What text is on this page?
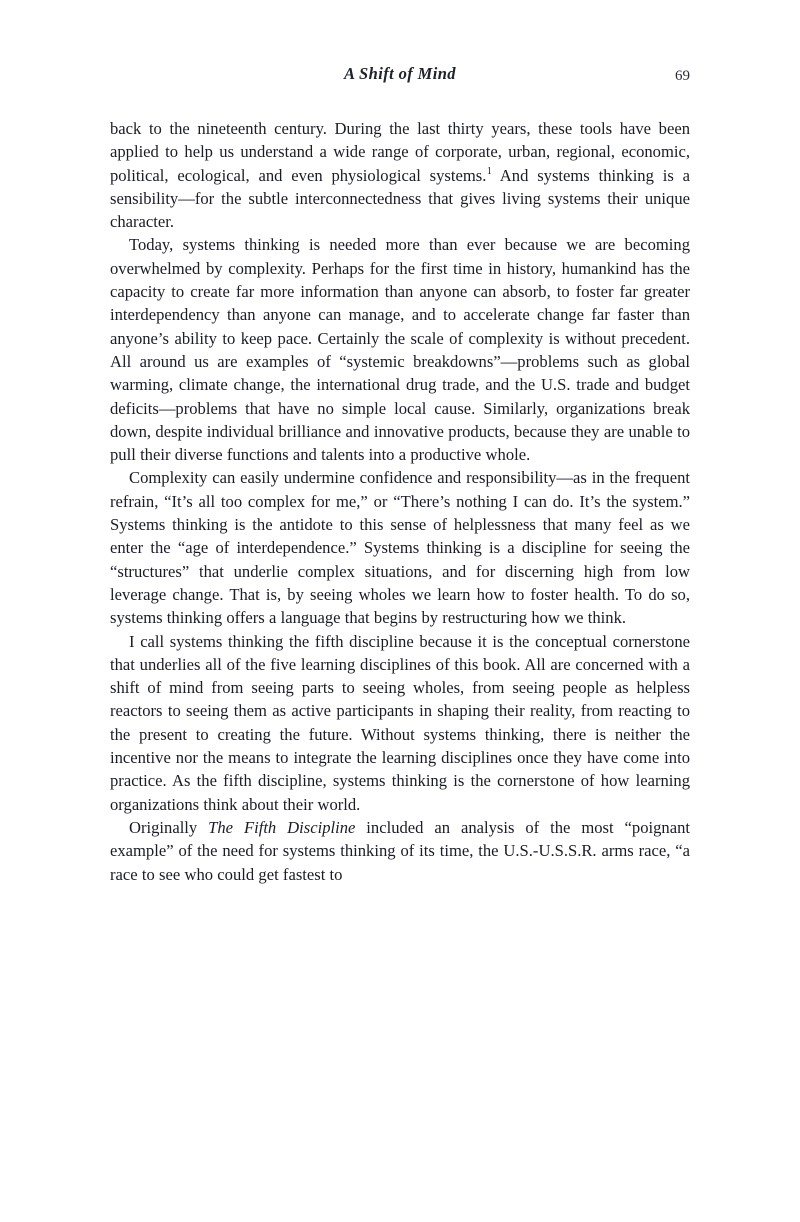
A Shift of Mind	69

back to the nineteenth century. During the last thirty years, these tools have been applied to help us understand a wide range of corporate, urban, regional, economic, political, ecological, and even physiological systems.$^1$ And systems thinking is a sensibility—for the subtle interconnectedness that gives living systems their unique character.

Today, systems thinking is needed more than ever because we are becoming overwhelmed by complexity. Perhaps for the first time in history, humankind has the capacity to create far more information than anyone can absorb, to foster far greater interdependency than anyone can manage, and to accelerate change far faster than anyone’s ability to keep pace. Certainly the scale of complexity is without precedent. All around us are examples of “systemic breakdowns”—problems such as global warming, climate change, the international drug trade, and the U.S. trade and budget deficits—problems that have no simple local cause. Similarly, organizations break down, despite individual brilliance and innovative products, because they are unable to pull their diverse functions and talents into a productive whole.

Complexity can easily undermine confidence and responsibility—as in the frequent refrain, “It’s all too complex for me,” or “There’s nothing I can do. It’s the system.” Systems thinking is the antidote to this sense of helplessness that many feel as we enter the “age of interdependence.” Systems thinking is a discipline for seeing the “structures” that underlie complex situations, and for discerning high from low leverage change. That is, by seeing wholes we learn how to foster health. To do so, systems thinking offers a language that begins by restructuring how we think.

I call systems thinking the fifth discipline because it is the conceptual cornerstone that underlies all of the five learning disciplines of this book. All are concerned with a shift of mind from seeing parts to seeing wholes, from seeing people as helpless reactors to seeing them as active participants in shaping their reality, from reacting to the present to creating the future. Without systems thinking, there is neither the incentive nor the means to integrate the learning disciplines once they have come into practice. As the fifth discipline, systems thinking is the cornerstone of how learning organizations think about their world.

Originally The Fifth Discipline included an analysis of the most “poignant example” of the need for systems thinking of its time, the U.S.-U.S.S.R. arms race, “a race to see who could get fastest to
